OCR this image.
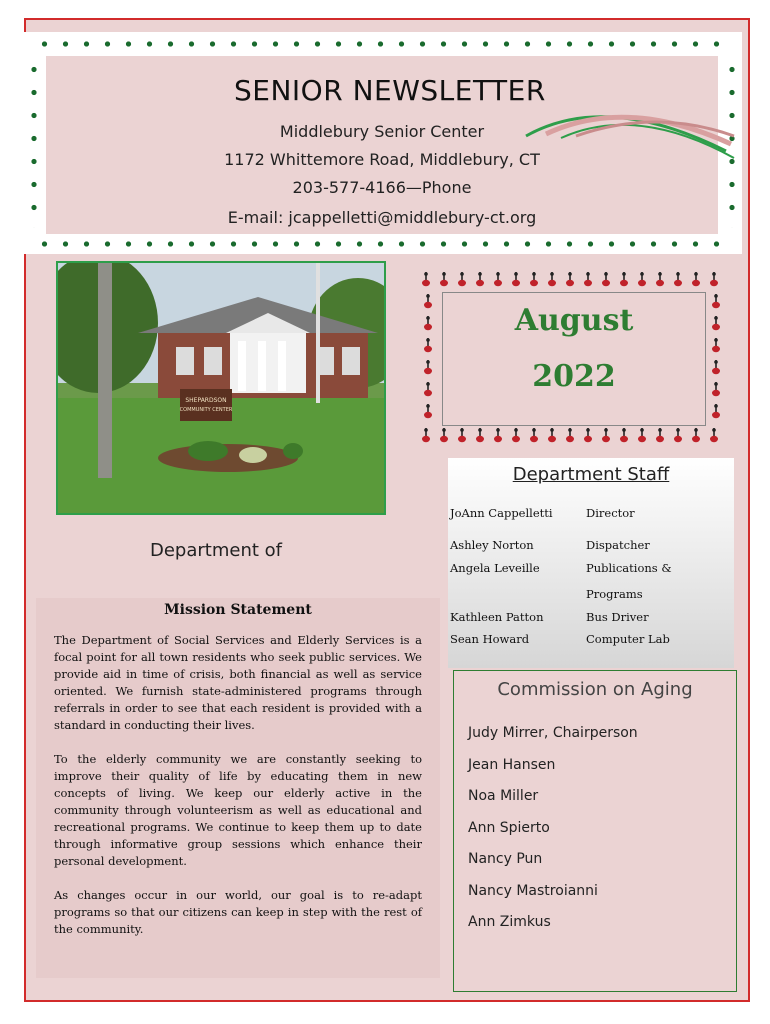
SENIOR NEWSLETTER
Middlebury Senior Center
1172 Whittemore Road, Middlebury, CT
203-577-4166—Phone
E-mail: jcappelletti@middlebury-ct.org
SHEPARDSON
COMMUNITY CENTER
Department of
Mission Statement

The Department of Social Services and Elderly Services is a focal point for all town residents who seek public services. We provide aid in time of crisis, both financial as well as service oriented. We furnish state-administered programs through referrals in order to see that each resident is provided with a standard in conducting their lives.

To the elderly community we are constantly seeking to improve their quality of life by educating them in new concepts of living. We keep our elderly active in the community through volunteerism as well as educational and recreational programs. We continue to keep them up to date through informative group sessions which enhance their personal development.

As changes occur in our world, our goal is to re-adapt programs so that our citizens can keep in step with the rest of the community.

August
2022
Department Staff
JoAnn Cappelletti	Director
Ashley Norton	Dispatcher
Angela Leveille	Publications &
Programs
Kathleen Patton	Bus Driver
Sean Howard	Computer Lab
Commission on Aging
Judy Mirrer, Chairperson
Jean Hansen
Noa Miller
Ann Spierto
Nancy Pun
Nancy Mastroianni
Ann Zimkus
